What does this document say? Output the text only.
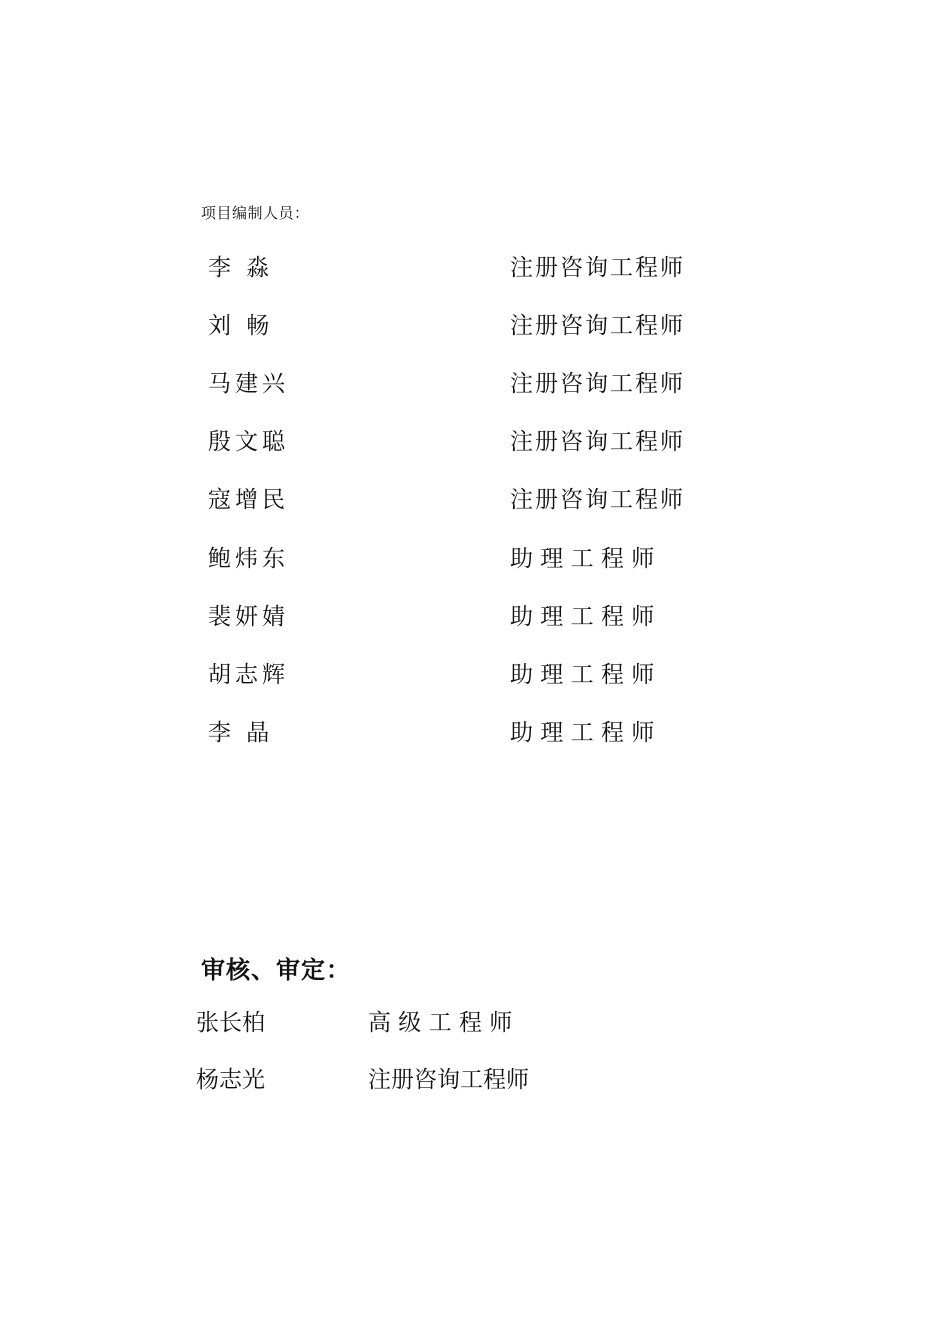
项目编制人员：
李 淼	注册咨询工程师
刘 畅	注册咨询工程师
马建兴	注册咨询工程师
殷文聪	注册咨询工程师
寇增民	注册咨询工程师
鲍炜东	助 理 工 程 师
裴妍婧	助 理 工 程 师
胡志辉	助 理 工 程 师
李 晶	助 理 工 程 师
审核、审定：
张长柏	高 级 工 程 师
杨志光	注册咨询工程师
